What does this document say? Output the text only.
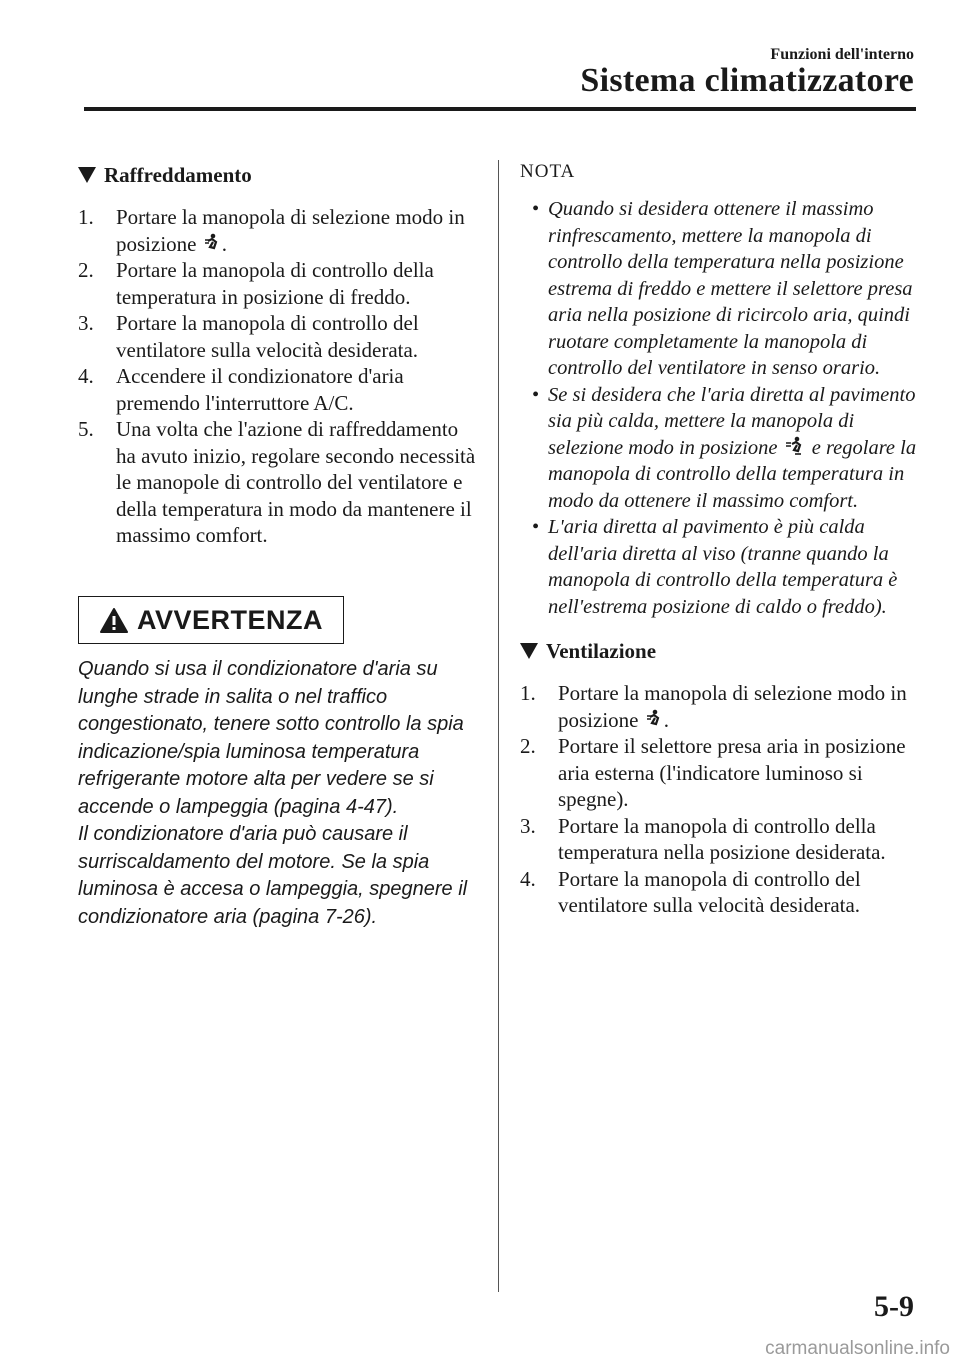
Funzioni dell'interno
Sistema climatizzatore
Raffreddamento
1. Portare la manopola di selezione modo in posizione .
2. Portare la manopola di controllo della temperatura in posizione di freddo.
3. Portare la manopola di controllo del ventilatore sulla velocità desiderata.
4. Accendere il condizionatore d'aria premendo l'interruttore A/C.
5. Una volta che l'azione di raffreddamento ha avuto inizio, regolare secondo necessità le manopole di controllo del ventilatore e della temperatura in modo da mantenere il massimo comfort.
AVVERTENZA
Quando si usa il condizionatore d'aria su lunghe strade in salita o nel traffico congestionato, tenere sotto controllo la spia indicazione/spia luminosa temperatura refrigerante motore alta per vedere se si accende o lampeggia (pagina 4-47).
Il condizionatore d'aria può causare il surriscaldamento del motore. Se la spia luminosa è accesa o lampeggia, spegnere il condizionatore aria (pagina 7-26).
NOTA
• Quando si desidera ottenere il massimo rinfrescamento, mettere la manopola di controllo della temperatura nella posizione estrema di freddo e mettere il selettore presa aria nella posizione di ricircolo aria, quindi ruotare completamente la manopola di controllo del ventilatore in senso orario.
• Se si desidera che l'aria diretta al pavimento sia più calda, mettere la manopola di selezione modo in posizione e regolare la manopola di controllo della temperatura in modo da ottenere il massimo comfort.
• L'aria diretta al pavimento è più calda dell'aria diretta al viso (tranne quando la manopola di controllo della temperatura è nell'estrema posizione di caldo o freddo).
Ventilazione
1. Portare la manopola di selezione modo in posizione .
2. Portare il selettore presa aria in posizione aria esterna (l'indicatore luminoso si spegne).
3. Portare la manopola di controllo della temperatura nella posizione desiderata.
4. Portare la manopola di controllo del ventilatore sulla velocità desiderata.
5-9
carmanualsonline.info
